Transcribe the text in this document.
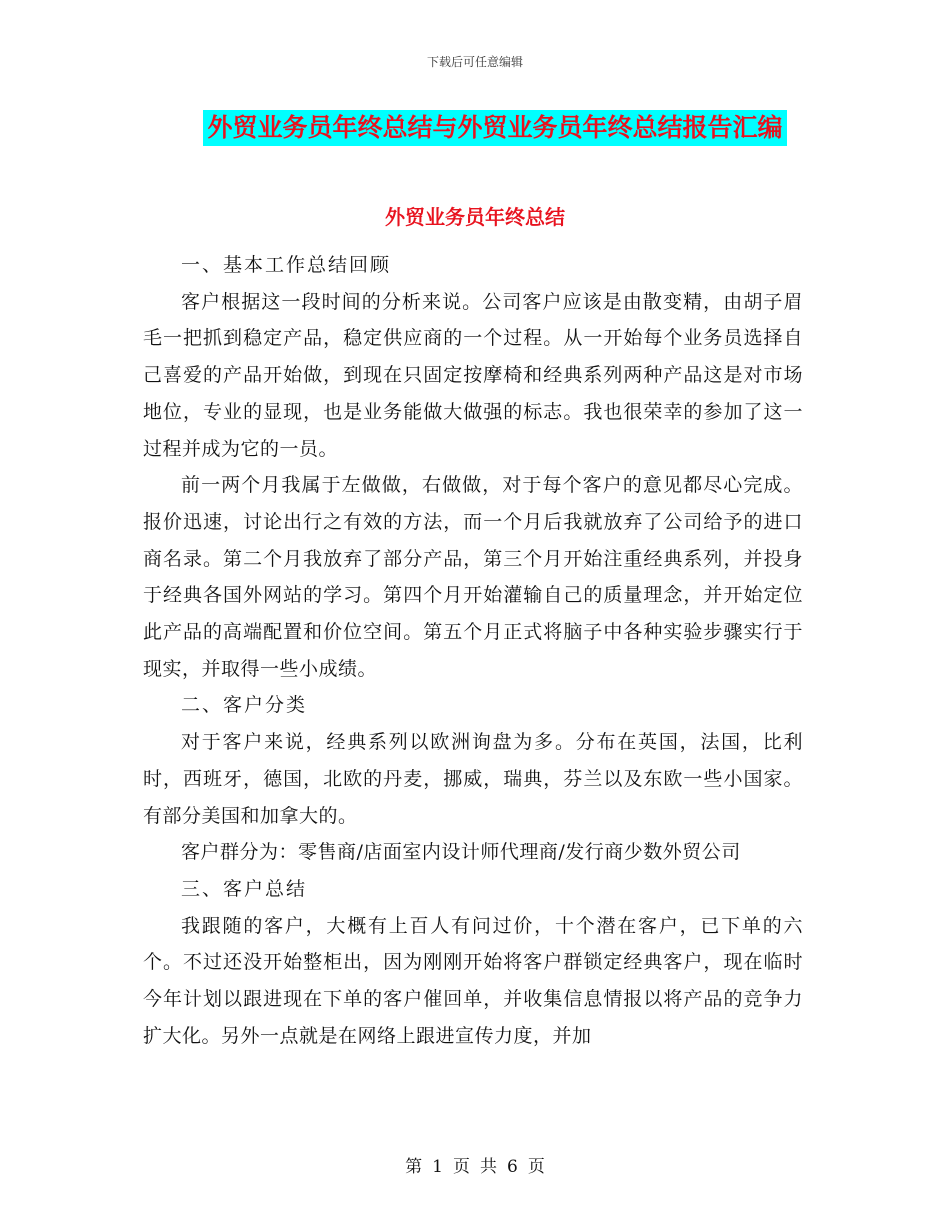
下载后可任意编辑
外贸业务员年终总结与外贸业务员年终总结报告汇编
外贸业务员年终总结

一、基本工作总结回顾

客户根据这一段时间的分析来说。公司客户应该是由散变精，由胡子眉毛一把抓到稳定产品，稳定供应商的一个过程。从一开始每个业务员选择自己喜爱的产品开始做，到现在只固定按摩椅和经典系列两种产品这是对市场地位，专业的显现，也是业务能做大做强的标志。我也很荣幸的参加了这一过程并成为它的一员。

前一两个月我属于左做做，右做做，对于每个客户的意见都尽心完成。报价迅速，讨论出行之有效的方法，而一个月后我就放弃了公司给予的进口商名录。第二个月我放弃了部分产品，第三个月开始注重经典系列，并投身于经典各国外网站的学习。第四个月开始灌输自己的质量理念，并开始定位此产品的高端配置和价位空间。第五个月正式将脑子中各种实验步骤实行于现实，并取得一些小成绩。

二、客户分类

对于客户来说，经典系列以欧洲询盘为多。分布在英国，法国，比利时，西班牙，德国，北欧的丹麦，挪威，瑞典，芬兰以及东欧一些小国家。有部分美国和加拿大的。

客户群分为：零售商/店面室内设计师代理商/发行商少数外贸公司

三、客户总结

我跟随的客户，大概有上百人有问过价，十个潜在客户，已下单的六个。不过还没开始整柜出，因为刚刚开始将客户群锁定经典客户，现在临时今年计划以跟进现在下单的客户催回单，并收集信息情报以将产品的竞争力扩大化。另外一点就是在网络上跟进宣传力度，并加

第 1 页 共 6 页
